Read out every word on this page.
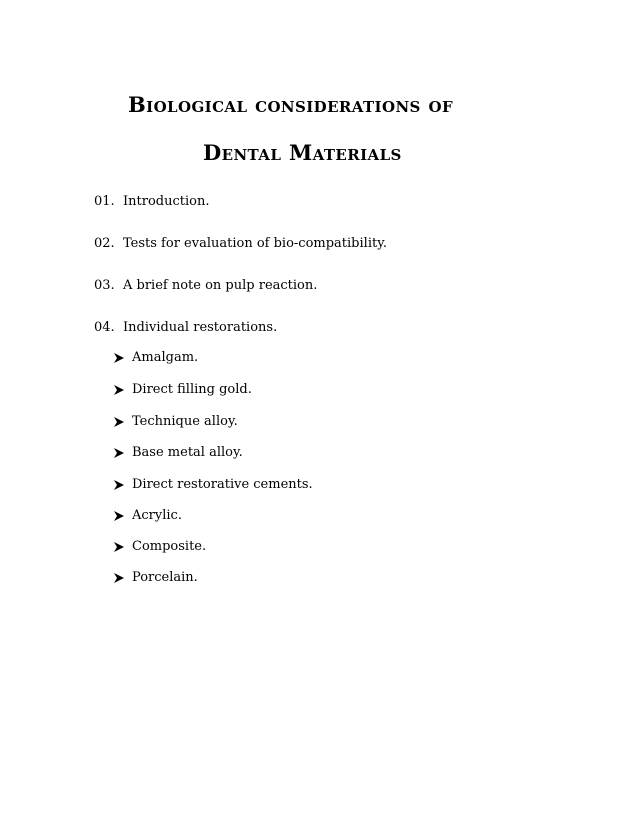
Biological considerations of
Dental Materials
01. Introduction.
02. Tests for evaluation of bio-compatibility.
03. A brief note on pulp reaction.
04. Individual restorations.
Amalgam.
Direct filling gold.
Technique alloy.
Base metal alloy.
Direct restorative cements.
Acrylic.
Composite.
Porcelain.
